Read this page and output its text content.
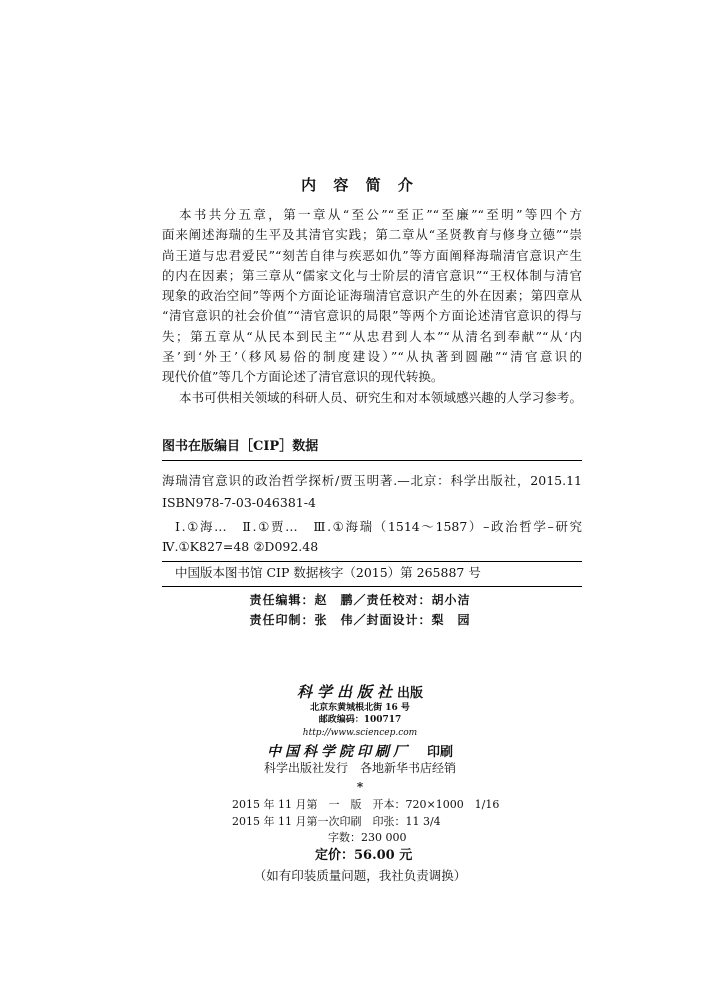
内 容 简 介
本书共分五章，第一章从“至公”“至正”“至廉”“至明”等四个方
面来阐述海瑞的生平及其清官实践；第二章从“圣贤教育与修身立德”“崇
尚王道与忠君爱民”“刻苦自律与疾恶如仇”等方面阐释海瑞清官意识产生
的内在因素；第三章从“儒家文化与士阶层的清官意识”“王权体制与清官
现象的政治空间”等两个方面论证海瑞清官意识产生的外在因素；第四章从
“清官意识的社会价值”“清官意识的局限”等两个方面论述清官意识的得与
失；第五章从“从民本到民主”“从忠君到人本”“从清名到奉献”“从‘内
圣’到‘外王’（移风易俗的制度建设）”“从执著到圆融”“清官意识的
现代价值”等几个方面论述了清官意识的现代转换。
本书可供相关领域的科研人员、研究生和对本领域感兴趣的人学习参考。
图书在版编目［CIP］数据
海瑞清官意识的政治哲学探析/贾玉明著.—北京：科学出版社，2015.11
ISBN978-7-03-046381-4
Ⅰ.①海…　Ⅱ.①贾…　Ⅲ.①海瑞（1514～1587）–政治哲学–研究
Ⅳ.①K827=48 ②D092.48
中国版本图书馆 CIP 数据核字（2015）第 265887 号
责任编辑：赵　鹏／责任校对：胡小洁
责任印制：张　伟／封面设计：梨　园
科学出版社出版
北京东黄城根北街 16 号
邮政编码：100717
http://www.sciencep.com
中国科学院印刷厂　 印刷
科学出版社发行　各地新华书店经销
*
2015 年 11 月第　一　版　开本：720×1000　1/16
2015 年 11 月第一次印刷　印张：11 3/4
字数：230 000
定价：56.00 元
（如有印装质量问题，我社负责调换）
